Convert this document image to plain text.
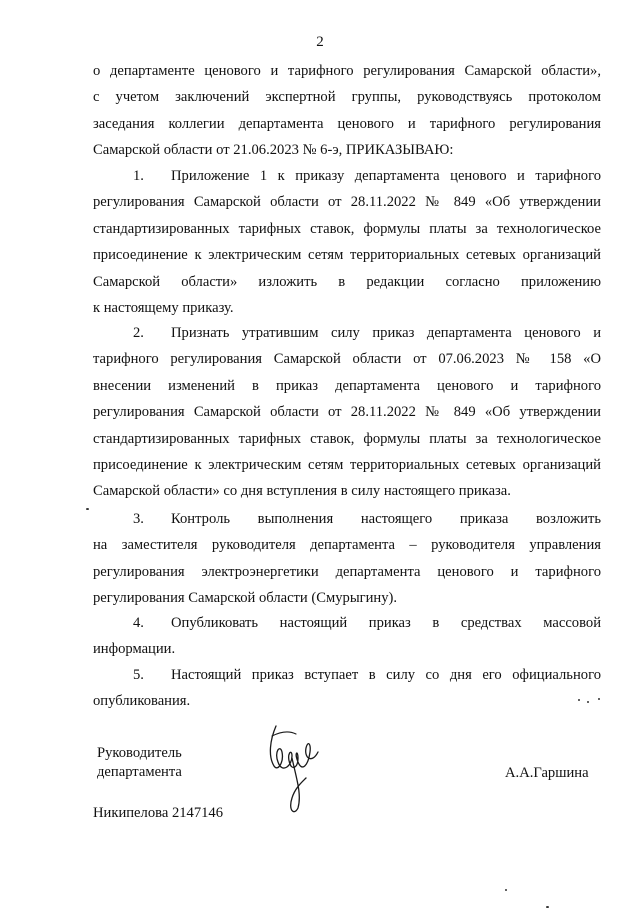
2
о департаменте ценового и тарифного регулирования Самарской области»,
с учетом заключений экспертной группы, руководствуясь протоколом
заседания коллегии департамента ценового и тарифного регулирования
Самарской области от 21.06.2023 № 6-э, ПРИКАЗЫВАЮ:
1. Приложение 1 к приказу департамента ценового и тарифного
регулирования Самарской области от 28.11.2022 № 849 «Об утверждении
стандартизированных тарифных ставок, формулы платы за технологическое
присоединение к электрическим сетям территориальных сетевых организаций
Самарской области» изложить в редакции согласно приложению
к настоящему приказу.
2. Признать утратившим силу приказ департамента ценового и
тарифного регулирования Самарской области от 07.06.2023 № 158 «О
внесении изменений в приказ департамента ценового и тарифного
регулирования Самарской области от 28.11.2022 № 849 «Об утверждении
стандартизированных тарифных ставок, формулы платы за технологическое
присоединение к электрическим сетям территориальных сетевых организаций
Самарской области» со дня вступления в силу настоящего приказа.
3. Контроль выполнения настоящего приказа возложить
на заместителя руководителя департамента – руководителя управления
регулирования электроэнергетики департамента ценового и тарифного
регулирования Самарской области (Смурыгину).
4. Опубликовать настоящий приказ в средствах массовой
информации.
5. Настоящий приказ вступает в силу со дня его официального
опубликования.
Руководитель
департамента	А.А.Гаршина
Никипелова 2147146
